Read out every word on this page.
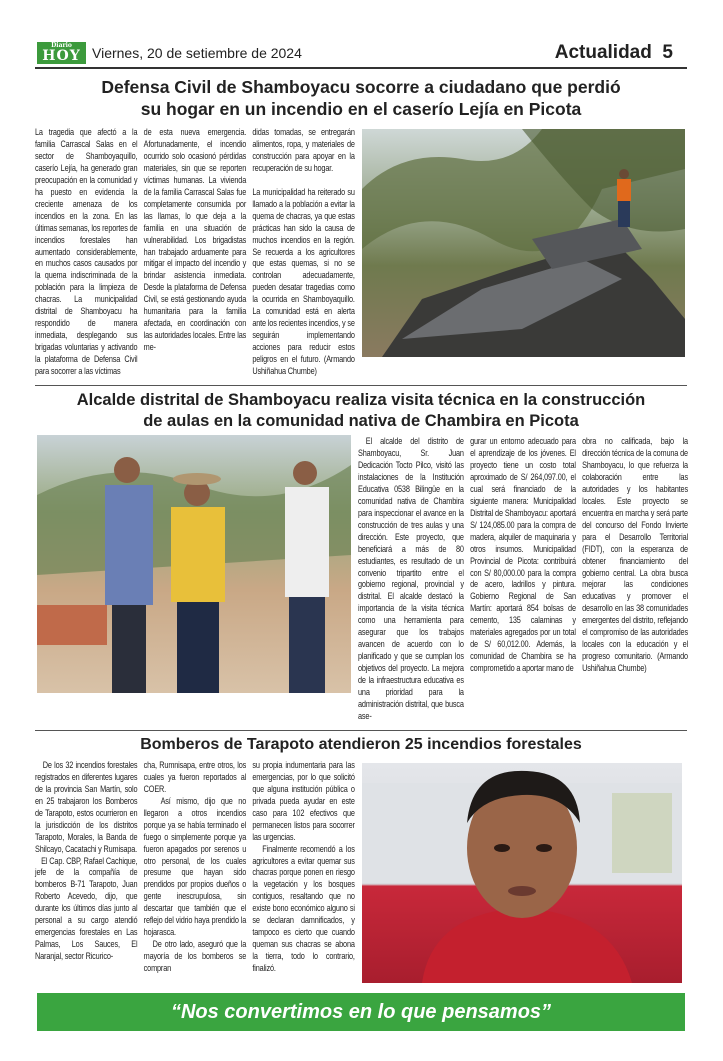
Diario
HOY Viernes, 20 de setiembre de 2024	Actualidad 5
Defensa Civil de Shamboyacu socorre a ciudadano que perdió
su hogar en un incendio en el caserío Lejía en Picota

La tragedia que afectó a la familia Carrascal Salas en el sector de Shamboyaquillo, caserío Lejía, ha generado gran preocupación en la comunidad y ha puesto en evidencia la creciente amenaza de los incendios en la zona. En las últimas semanas, los reportes de incendios forestales han aumentado considerablemente, en muchos casos causados por la quema indiscriminada de la población para la limpieza de chacras. La municipalidad distrital de Shamboyacu ha respondido de manera inmediata, desplegando sus brigadas voluntarias y activando la plataforma de Defensa Civil para socorrer a las víctimas

de esta nueva emergencia. Afortunadamente, el incendio ocurrido solo ocasionó pérdidas materiales, sin que se reporten víctimas humanas. La vivienda de la familia Carrascal Salas fue completamente consumida por las llamas, lo que deja a la familia en una situación de vulnerabilidad. Los brigadistas han trabajado arduamente para mitigar el impacto del incendio y brindar asistencia inmediata. Desde la plataforma de Defensa Civil, se está gestionando ayuda humanitaria para la familia afectada, en coordinación con las autoridades locales. Entre las me-

didas tomadas, se entregarán alimentos, ropa, y materiales de construcción para apoyar en la recuperación de su hogar.

La municipalidad ha reiterado su llamado a la población a evitar la quema de chacras, ya que estas prácticas han sido la causa de muchos incendios en la región. Se recuerda a los agricultores que estas quemas, si no se controlan adecuadamente, pueden desatar tragedias como la ocurrida en Shamboyaquillo. La comunidad está en alerta ante los recientes incendios, y se seguirán implementando acciones para reducir estos peligros en el futuro. (Armando Ushiñahua Chumbe)

Alcalde distrital de Shamboyacu realiza visita técnica en la construcción
de aulas en la comunidad nativa de Chambira en Picota

El alcalde del distrito de Shamboyacu, Sr. Juan Dedicación Tocto Pilco, visitó las instalaciones de la Institución Educativa 0538 Bilingüe en la comunidad nativa de Chambira para inspeccionar el avance en la construcción de tres aulas y una dirección. Este proyecto, que beneficiará a más de 80 estudiantes, es resultado de un convenio tripartito entre el gobierno regional, provincial y distrital. El alcalde destacó la importancia de la visita técnica como una herramienta para asegurar que los trabajos avancen de acuerdo con lo planificado y que se cumplan los objetivos del proyecto. La mejora de la infraestructura educativa es una prioridad para la administración distrital, que busca ase-

gurar un entorno adecuado para el aprendizaje de los jóvenes. El proyecto tiene un costo total aproximado de S/ 264,097.00, el cual será financiado de la siguiente manera: Municipalidad Distrital de Shamboyacu: aportará S/ 124,085.00 para la compra de madera, alquiler de maquinaria y otros insumos. Municipalidad Provincial de Picota: contribuirá con S/ 80,000.00 para la compra de acero, ladrillos y pintura. Gobierno Regional de San Martín: aportará 854 bolsas de cemento, 135 calaminas y materiales agregados por un total de S/ 60,012.00. Además, la comunidad de Chambira se ha comprometido a aportar mano de

obra no calificada, bajo la dirección técnica de la comuna de Shamboyacu, lo que refuerza la colaboración entre las autoridades y los habitantes locales. Este proyecto se encuentra en marcha y será parte del concurso del Fondo Invierte para el Desarrollo Territorial (FIDT), con la esperanza de obtener financiamiento del gobierno central. La obra busca mejorar las condiciones educativas y promover el desarrollo en las 38 comunidades emergentes del distrito, reflejando el compromiso de las autoridades locales con la educación y el progreso comunitario. (Armando Ushiñahua Chumbe)

Bomberos de Tarapoto atendieron 25 incendios forestales

De los 32 incendios forestales registrados en diferentes lugares de la provincia San Martín, solo en 25 trabajaron los Bomberos de Tarapoto, estos ocurrieron en la jurisdicción de los distritos Tarapoto, Morales, la Banda de Shilcayo, Cacatachi y Rumisapa.
El Cap. CBP, Rafael Cachique, jefe de la compañía de bomberos B-71 Tarapoto, Juan Roberto Acevedo, dijo, que durante los últimos días junto al personal a su cargo atendió emergencias forestales en Las Palmas, Los Sauces, El Naranjal, sector Ricurico-

cha, Rumnisapa, entre otros, los cuales ya fueron reportados al COER.
Así mismo, dijo que no llegaron a otros incendios porque ya se había terminado el fuego o simplemente porque ya fueron apagados por serenos u otro personal, de los cuales presume que hayan sido prendidos por propios dueños o gente inescrupulosa, sin descartar que también que el reflejo del vidrio haya prendido la hojarasca.
De otro lado, aseguró que la mayoría de los bomberos se compran

su propia indumentaria para las emergencias, por lo que solicitó que alguna institución pública o privada pueda ayudar en este caso para 102 efectivos que permanecen listos para socorrer las urgencias.
Finalmente recomendó a los agricultores a evitar quemar sus chacras porque ponen en riesgo la vegetación y los bosques contiguos, resaltando que no existe bono económico alguno si se declaran damnificados, y tampoco es cierto que cuando queman sus chacras se abona la tierra, todo lo contrario, finalizó.

“Nos convertimos en lo que pensamos”
